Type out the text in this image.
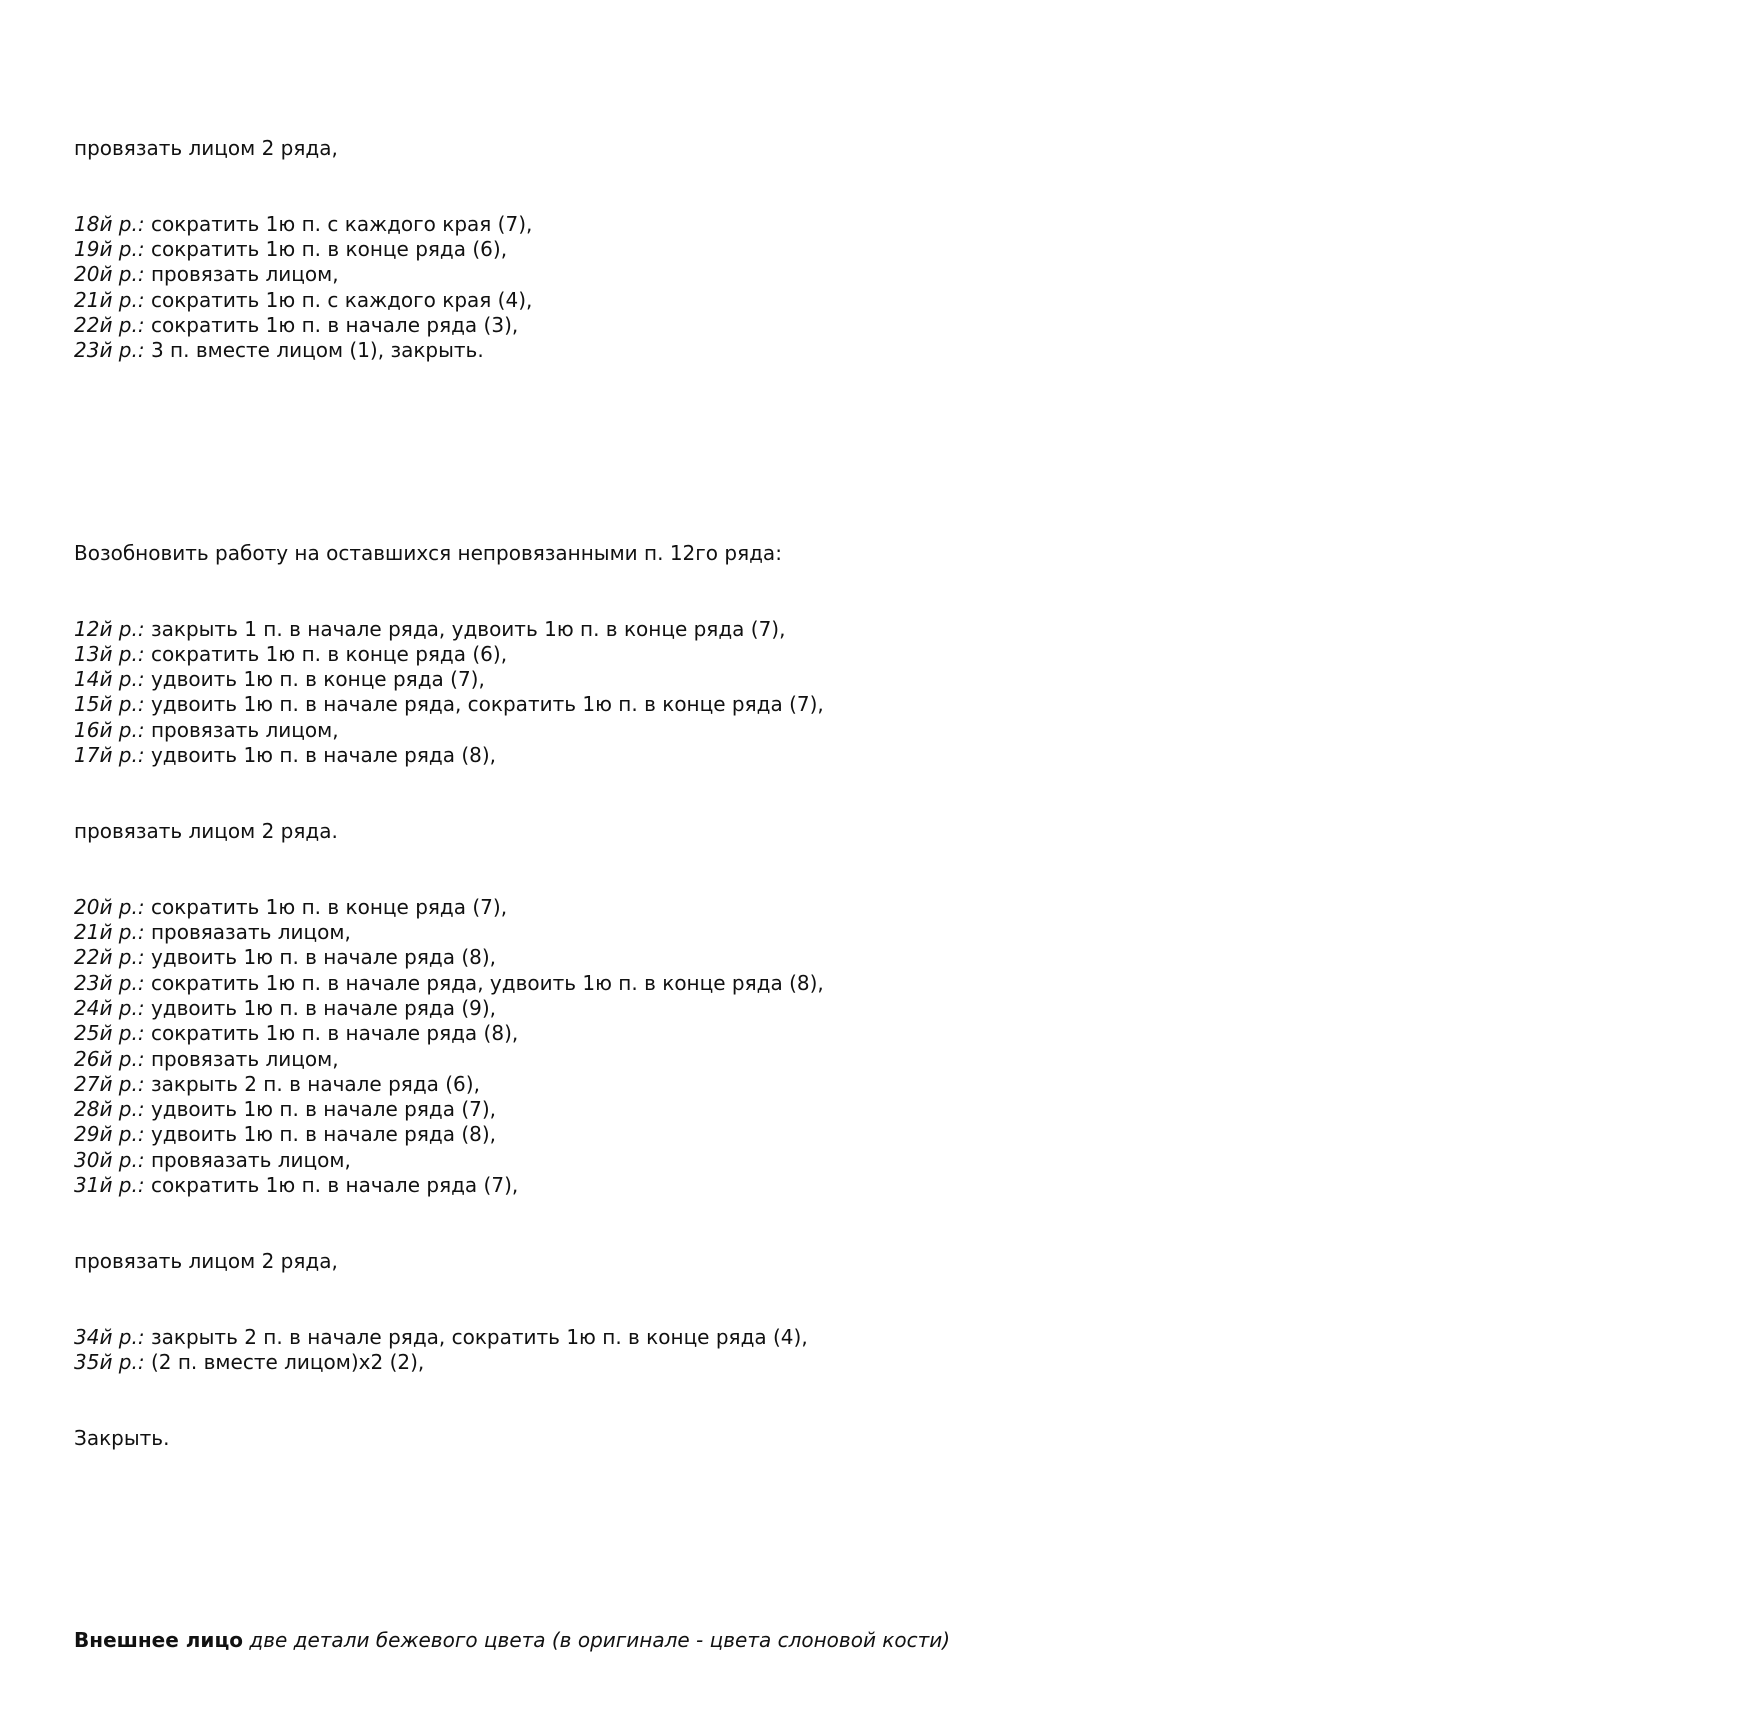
провязать лицом 2 ряда,

18й р.: сократить 1ю п. с каждого края (7),
19й р.: сократить 1ю п. в конце ряда (6),
20й р.: провязать лицом,
21й р.: сократить 1ю п. с каждого края (4),
22й р.: сократить 1ю п. в начале ряда (3),
23й р.: 3 п. вместе лицом (1), закрыть.

Возобновить работу на оставшихся непровязанными п. 12го ряда:

12й р.: закрыть 1 п. в начале ряда, удвоить 1ю п. в конце ряда (7),
13й р.: сократить 1ю п. в конце ряда (6),
14й р.: удвоить 1ю п. в конце ряда (7),
15й р.: удвоить 1ю п. в начале ряда, сократить 1ю п. в конце ряда (7),
16й р.: провязать лицом,
17й р.: удвоить 1ю п. в начале ряда (8),

провязать лицом 2 ряда.

20й р.: сократить 1ю п. в конце ряда (7),
21й р.: провяазать лицом,
22й р.: удвоить 1ю п. в начале ряда (8),
23й р.: сократить 1ю п. в начале ряда, удвоить 1ю п. в конце ряда (8),
24й р.: удвоить 1ю п. в начале ряда (9),
25й р.: сократить 1ю п. в начале ряда (8),
26й р.: провязать лицом,
27й р.: закрыть 2 п. в начале ряда (6),
28й р.: удвоить 1ю п. в начале ряда (7),
29й р.: удвоить 1ю п. в начале ряда (8),
30й р.: провяазать лицом,
31й р.: сократить 1ю п. в начале ряда (7),

провязать лицом 2 ряда,

34й р.: закрыть 2 п. в начале ряда, сократить 1ю п. в конце ряда (4),
35й р.: (2 п. вместе лицом)x2 (2),

Закрыть.

Внешнее лицо две детали бежевого цвета (в оригинале - цвета слоновой кости)
